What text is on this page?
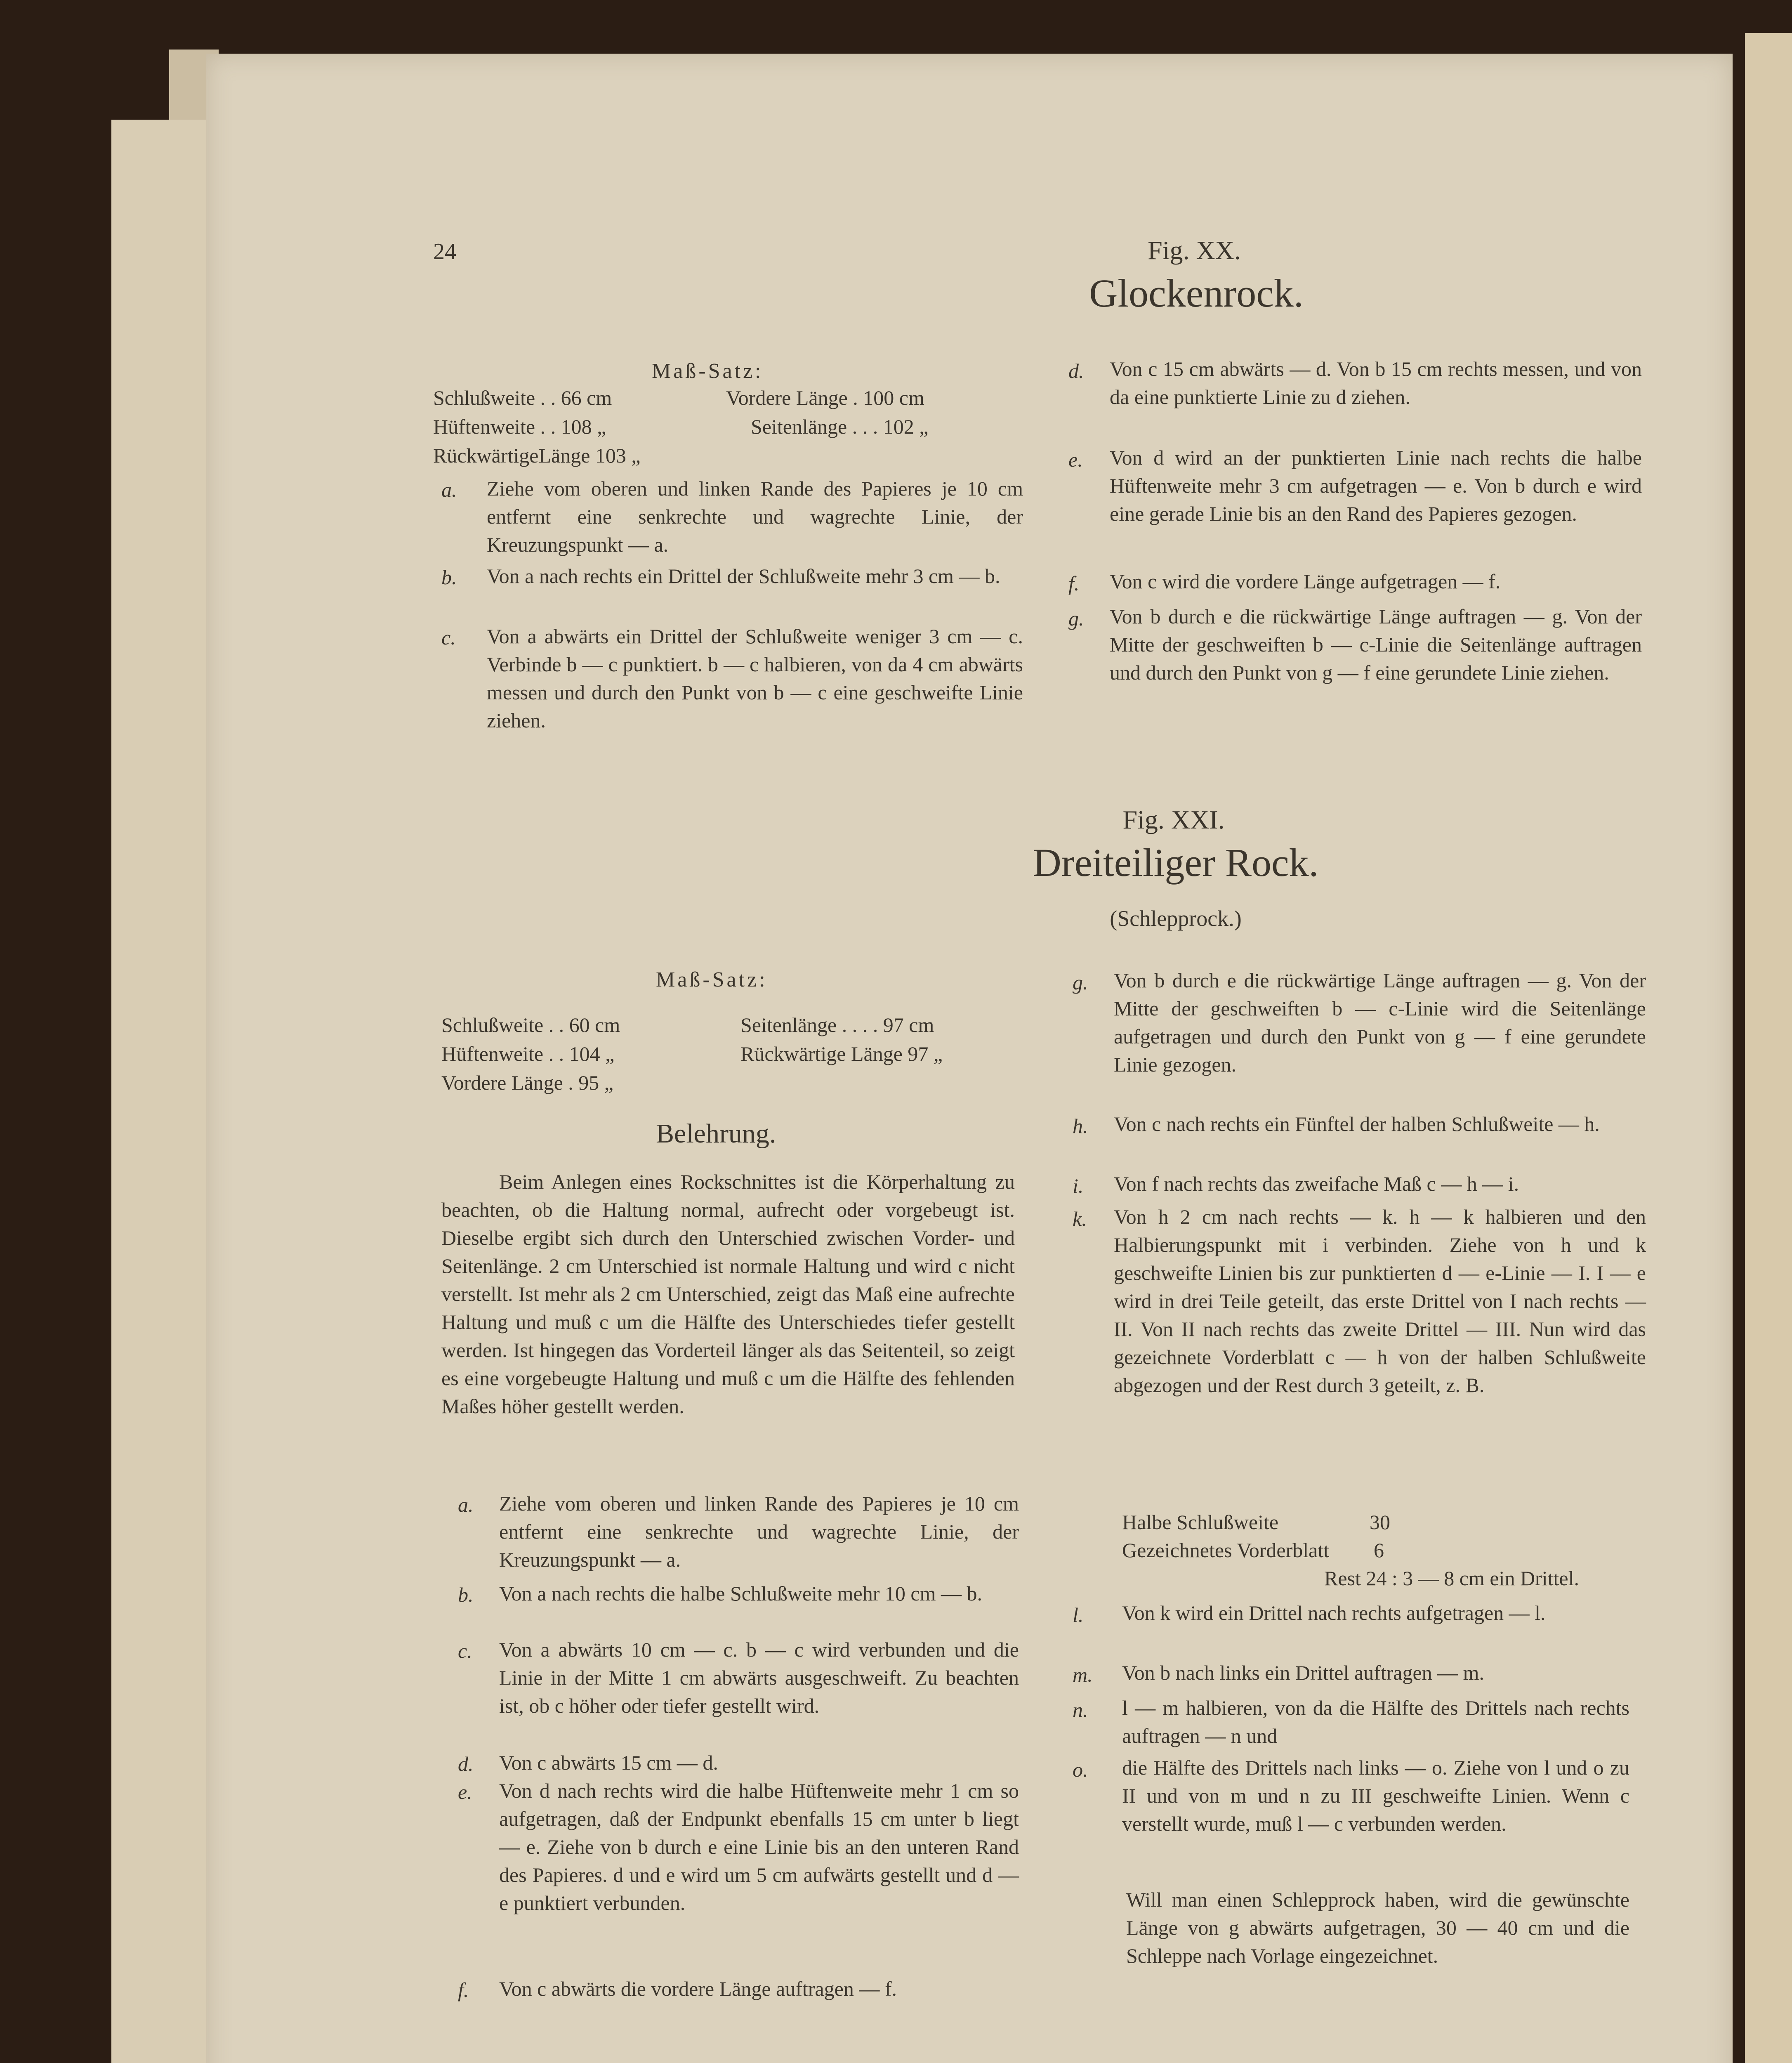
24	Fig. XX.
Glockenrock.
Maß-Satz:
Schlußweite . . 66 cm
Hüftenweite . . 108 „
RückwärtigeLänge 103 „
Vordere Länge . 100 cm
Seitenlänge . . . 102 „
a. Ziehe vom oberen und linken Rande des Papieres je 10 cm entfernt eine senkrechte und wagrechte Linie, der Kreuzungspunkt — a.
b. Von a nach rechts ein Drittel der Schlußweite mehr 3 cm — b.
c. Von a abwärts ein Drittel der Schlußweite weniger 3 cm — c. Verbinde b — c punktiert. b — c halbieren, von da 4 cm abwärts messen und durch den Punkt von b — c eine geschweifte Linie ziehen.
d. Von c 15 cm abwärts — d. Von b 15 cm rechts messen, und von da eine punktierte Linie zu d ziehen.
e. Von d wird an der punktierten Linie nach rechts die halbe Hüftenweite mehr 3 cm aufgetragen — e. Von b durch e wird eine gerade Linie bis an den Rand des Papieres gezogen.
f. Von c wird die vordere Länge aufgetragen — f.
g. Von b durch e die rückwärtige Länge auftragen — g. Von der Mitte der geschweiften b — c-Linie die Seitenlänge auftragen und durch den Punkt von g — f eine gerundete Linie ziehen.
Fig. XXI.
Dreiteiliger Rock.
(Schlepprock.)
Maß-Satz:
Schlußweite . . 60 cm
Hüftenweite . . 104 „
Vordere Länge . 95 „
Seitenlänge . . . . 97 cm
Rückwärtige Länge 97 „
Belehrung.
Beim Anlegen eines Rockschnittes ist die Körperhaltung zu beachten, ob die Haltung normal, aufrecht oder vorgebeugt ist. Dieselbe ergibt sich durch den Unterschied zwischen Vorder- und Seitenlänge. 2 cm Unterschied ist normale Haltung und wird c nicht verstellt. Ist mehr als 2 cm Unterschied, zeigt das Maß eine aufrechte Haltung und muß c um die Hälfte des Unterschiedes tiefer gestellt werden. Ist hingegen das Vorderteil länger als das Seitenteil, so zeigt es eine vorgebeugte Haltung und muß c um die Hälfte des fehlenden Maßes höher gestellt werden.
a. Ziehe vom oberen und linken Rande des Papieres je 10 cm entfernt eine senkrechte und wagrechte Linie, der Kreuzungspunkt — a.
b. Von a nach rechts die halbe Schlußweite mehr 10 cm — b.
c. Von a abwärts 10 cm — c. b — c wird verbunden und die Linie in der Mitte 1 cm abwärts ausgeschweift. Zu beachten ist, ob c höher oder tiefer gestellt wird.
d. Von c abwärts 15 cm — d.
e. Von d nach rechts wird die halbe Hüftenweite mehr 1 cm so aufgetragen, daß der Endpunkt ebenfalls 15 cm unter b liegt — e. Ziehe von b durch e eine Linie bis an den unteren Rand des Papieres. d und e wird um 5 cm aufwärts gestellt und d — e punktiert verbunden.
f. Von c abwärts die vordere Länge auftragen — f.
g. Von b durch e die rückwärtige Länge auftragen — g. Von der Mitte der geschweiften b — c-Linie wird die Seitenlänge aufgetragen und durch den Punkt von g — f eine gerundete Linie gezogen.
h. Von c nach rechts ein Fünftel der halben Schlußweite — h.
i. Von f nach rechts das zweifache Maß c — h — i.
k. Von h 2 cm nach rechts — k. h — k halbieren und den Halbierungspunkt mit i verbinden. Ziehe von h und k geschweifte Linien bis zur punktierten d — e-Linie — I. I — e wird in drei Teile geteilt, das erste Drittel von I nach rechts — II. Von II nach rechts das zweite Drittel — III. Nun wird das gezeichnete Vorderblatt c — h von der halben Schlußweite abgezogen und der Rest durch 3 geteilt, z. B.
Halbe Schlußweite	30
Gezeichnetes Vorderblatt 6
Rest 24 : 3 — 8 cm ein Drittel.
l. Von k wird ein Drittel nach rechts aufgetragen — l.
m. Von b nach links ein Drittel auftragen — m.
n. l — m halbieren, von da die Hälfte des Drittels nach rechts auftragen — n und
o. die Hälfte des Drittels nach links — o. Ziehe von l und o zu II und von m und n zu III geschweifte Linien. Wenn c verstellt wurde, muß l — c verbunden werden.
Will man einen Schlepprock haben, wird die gewünschte Länge von g abwärts aufgetragen, 30 — 40 cm und die Schleppe nach Vorlage eingezeichnet.
